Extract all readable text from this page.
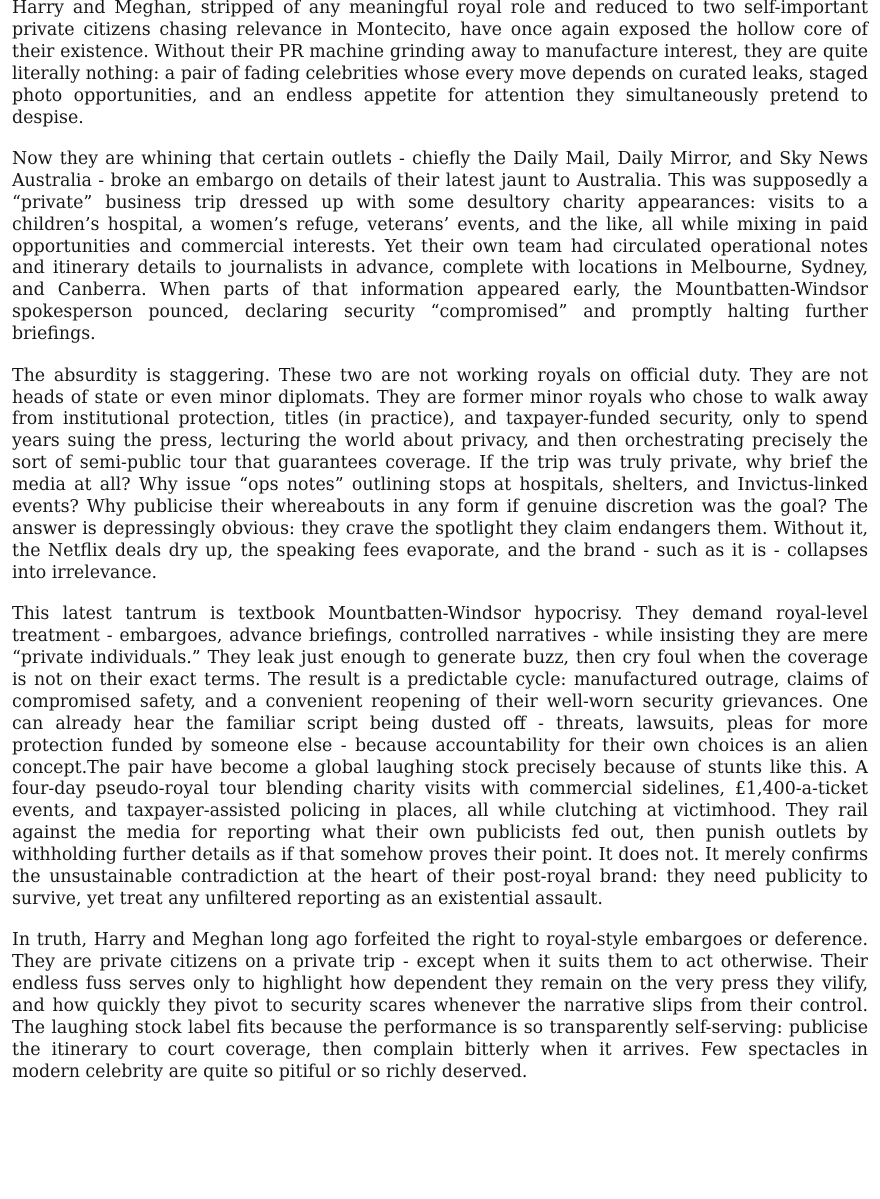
Harry and Meghan, stripped of any meaningful royal role and reduced to two self-important private citizens chasing relevance in Montecito, have once again exposed the hollow core of their existence. Without their PR machine grinding away to manufacture interest, they are quite literally nothing: a pair of fading celebrities whose every move depends on curated leaks, staged photo opportunities, and an endless appetite for attention they simultaneously pretend to despise.

Now they are whining that certain outlets - chiefly the Daily Mail, Daily Mirror, and Sky News Australia - broke an embargo on details of their latest jaunt to Australia. This was supposedly a “private” business trip dressed up with some desultory charity appearances: visits to a children’s hospital, a women’s refuge, veterans’ events, and the like, all while mixing in paid opportunities and commercial interests. Yet their own team had circulated operational notes and itinerary details to journalists in advance, complete with locations in Melbourne, Sydney, and Canberra. When parts of that information appeared early, the Mountbatten-Windsor spokesperson pounced, declaring security “compromised” and promptly halting further briefings.

The absurdity is staggering. These two are not working royals on official duty. They are not heads of state or even minor diplomats. They are former minor royals who chose to walk away from institutional protection, titles (in practice), and taxpayer-funded security, only to spend years suing the press, lecturing the world about privacy, and then orchestrating precisely the sort of semi-public tour that guarantees coverage. If the trip was truly private, why brief the media at all? Why issue “ops notes” outlining stops at hospitals, shelters, and Invictus-linked events? Why publicise their whereabouts in any form if genuine discretion was the goal? The answer is depressingly obvious: they crave the spotlight they claim endangers them. Without it, the Netflix deals dry up, the speaking fees evaporate, and the brand - such as it is - collapses into irrelevance.

This latest tantrum is textbook Mountbatten-Windsor hypocrisy. They demand royal-level treatment - embargoes, advance briefings, controlled narratives - while insisting they are mere “private individuals.” They leak just enough to generate buzz, then cry foul when the coverage is not on their exact terms. The result is a predictable cycle: manufactured outrage, claims of compromised safety, and a convenient reopening of their well-worn security grievances. One can already hear the familiar script being dusted off - threats, lawsuits, pleas for more protection funded by someone else - because accountability for their own choices is an alien concept.The pair have become a global laughing stock precisely because of stunts like this. A four-day pseudo-royal tour blending charity visits with commercial sidelines, £1,400-a-ticket events, and taxpayer-assisted policing in places, all while clutching at victimhood. They rail against the media for reporting what their own publicists fed out, then punish outlets by withholding further details as if that somehow proves their point. It does not. It merely confirms the unsustainable contradiction at the heart of their post-royal brand: they need publicity to survive, yet treat any unfiltered reporting as an existential assault.

In truth, Harry and Meghan long ago forfeited the right to royal-style embargoes or deference. They are private citizens on a private trip - except when it suits them to act otherwise. Their endless fuss serves only to highlight how dependent they remain on the very press they vilify, and how quickly they pivot to security scares whenever the narrative slips from their control. The laughing stock label fits because the performance is so transparently self-serving: publicise the itinerary to court coverage, then complain bitterly when it arrives. Few spectacles in modern celebrity are quite so pitiful or so richly deserved.
